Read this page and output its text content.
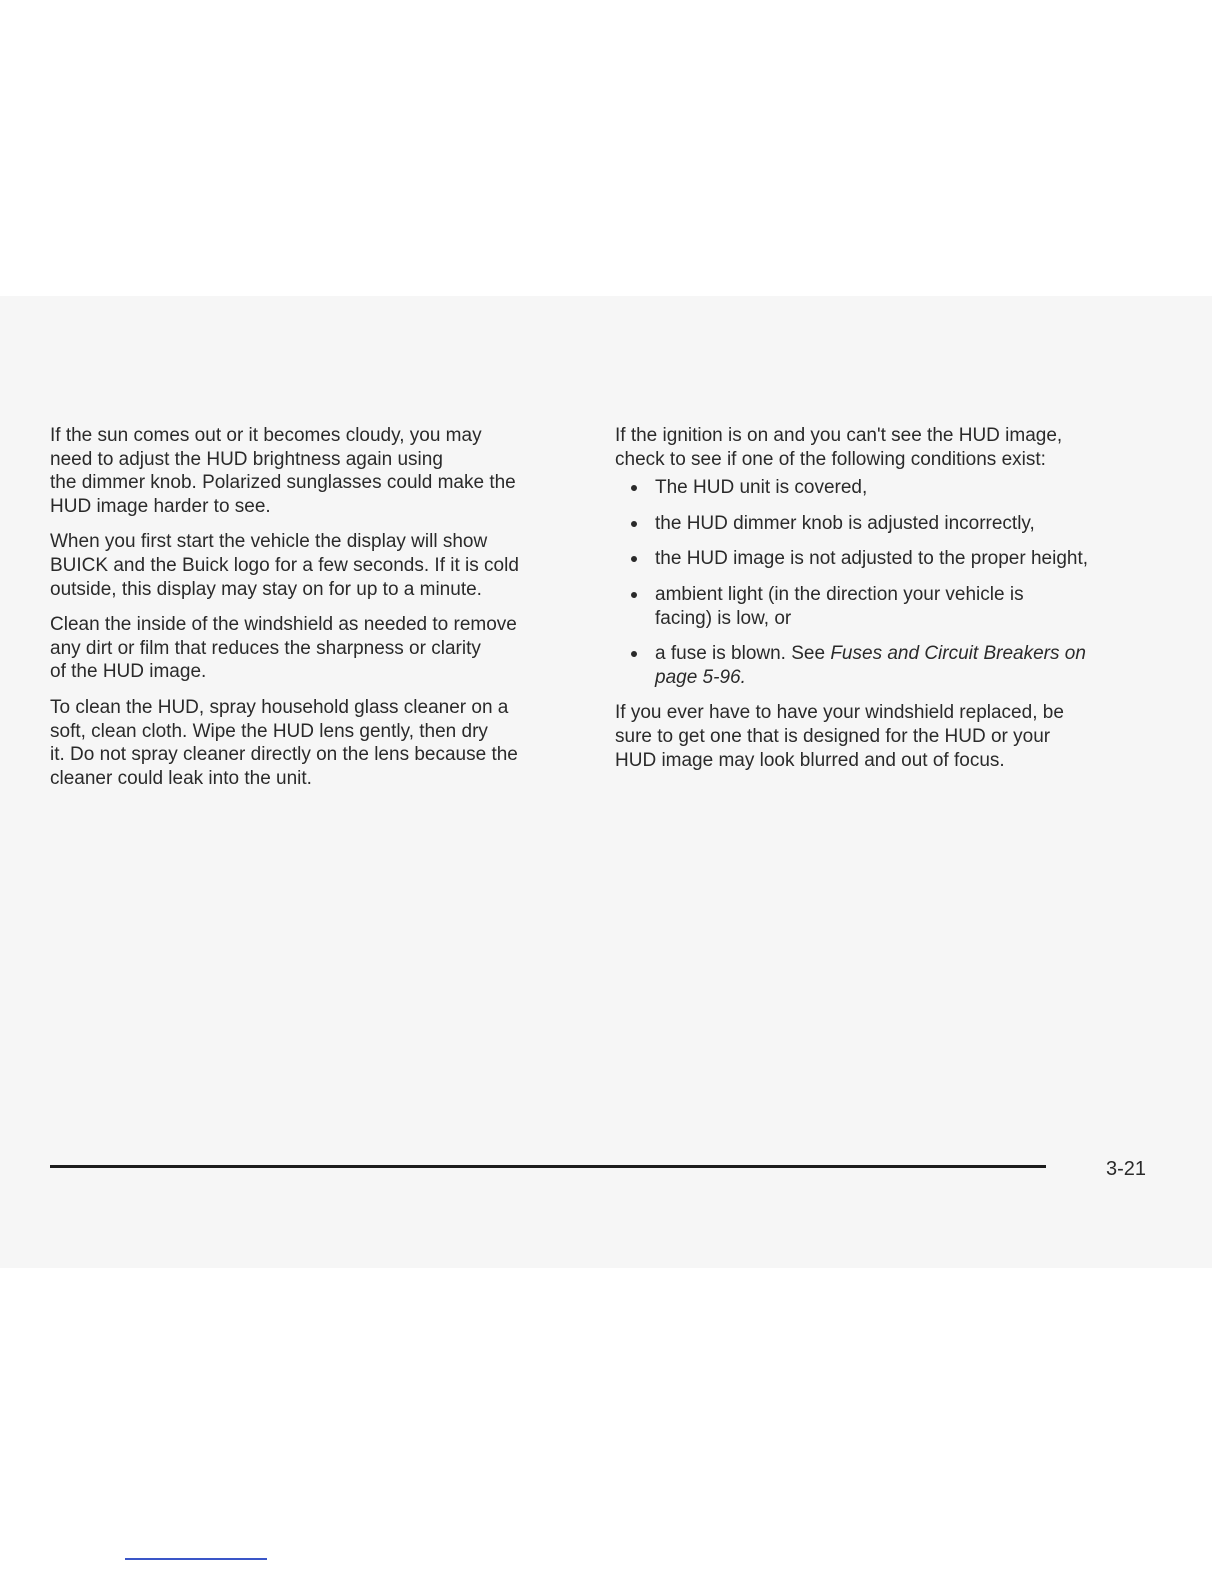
If the sun comes out or it becomes cloudy, you may
need to adjust the HUD brightness again using
the dimmer knob. Polarized sunglasses could make the
HUD image harder to see.

When you first start the vehicle the display will show
BUICK and the Buick logo for a few seconds. If it is cold
outside, this display may stay on for up to a minute.

Clean the inside of the windshield as needed to remove
any dirt or film that reduces the sharpness or clarity
of the HUD image.

To clean the HUD, spray household glass cleaner on a
soft, clean cloth. Wipe the HUD lens gently, then dry
it. Do not spray cleaner directly on the lens because the
cleaner could leak into the unit.

If the ignition is on and you can't see the HUD image,
check to see if one of the following conditions exist:

The HUD unit is covered,
the HUD dimmer knob is adjusted incorrectly,
the HUD image is not adjusted to the proper height,
ambient light (in the direction your vehicle is
facing) is low, or
a fuse is blown. See Fuses and Circuit Breakers on
page 5-96.

If you ever have to have your windshield replaced, be
sure to get one that is designed for the HUD or your
HUD image may look blurred and out of focus.

3-21
